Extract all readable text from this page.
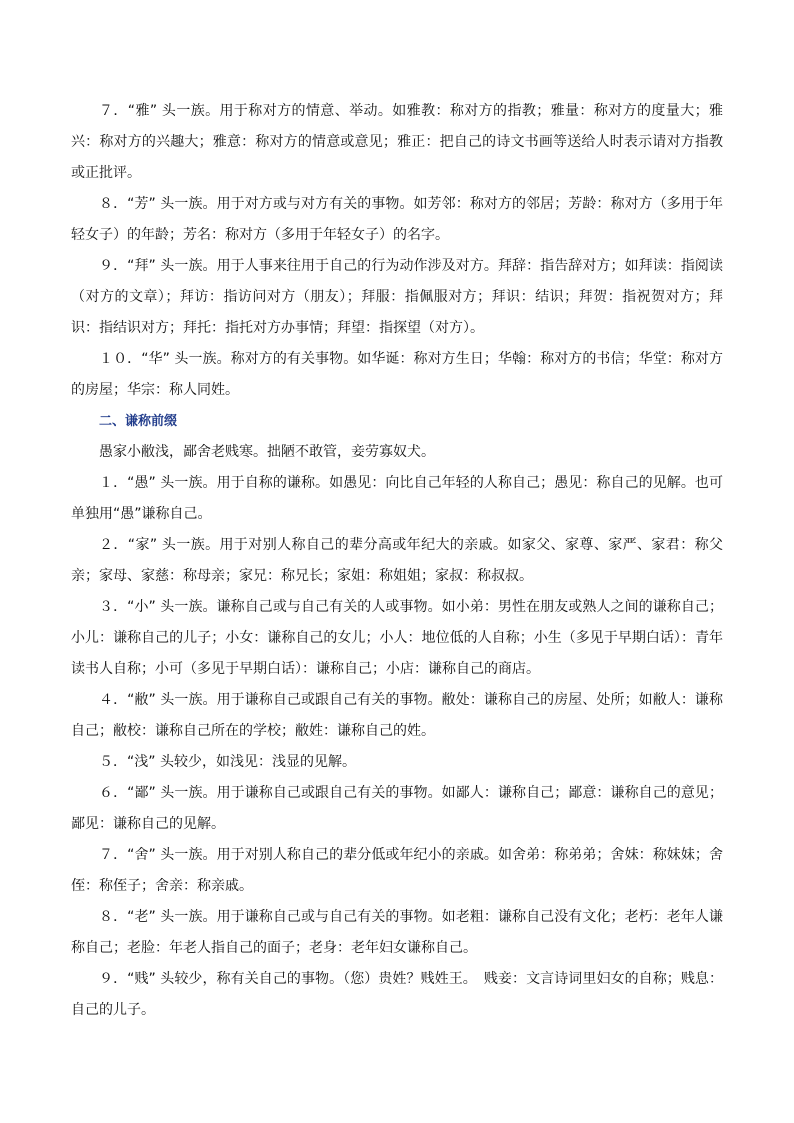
７．“雅” 头一族。用于称对方的情意、举动。如雅教：称对方的指教；雅量：称对方的度量大；雅兴：称对方的兴趣大；雅意：称对方的情意或意见；雅正：把自己的诗文书画等送给人时表示请对方指教或正批评。

８．“芳” 头一族。用于对方或与对方有关的事物。如芳邻：称对方的邻居；芳龄：称对方（多用于年轻女子）的年龄；芳名：称对方（多用于年轻女子）的名字。

９．“拜” 头一族。用于人事来往用于自己的行为动作涉及对方。拜辞：指告辞对方；如拜读：指阅读（对方的文章）；拜访：指访问对方（朋友）；拜服：指佩服对方；拜识：结识；拜贺：指祝贺对方；拜识：指结识对方；拜托：指托对方办事情；拜望：指探望（对方）。

１０．“华” 头一族。称对方的有关事物。如华诞：称对方生日；华翰：称对方的书信；华堂：称对方的房屋；华宗：称人同姓。

二、谦称前缀

愚家小敝浅，鄙舍老贱寒。拙陋不敢管，妾劳寡奴犬。

１．“愚” 头一族。用于自称的谦称。如愚见：向比自己年轻的人称自己；愚见：称自己的见解。也可单独用“愚”谦称自己。

２．“家” 头一族。用于对别人称自己的辈分高或年纪大的亲戚。如家父、家尊、家严、家君：称父亲；家母、家慈：称母亲；家兄：称兄长；家姐：称姐姐；家叔：称叔叔。

３．“小” 头一族。谦称自己或与自己有关的人或事物。如小弟：男性在朋友或熟人之间的谦称自己；小儿：谦称自己的儿子；小女：谦称自己的女儿；小人：地位低的人自称；小生（多见于早期白话）：青年读书人自称；小可（多见于早期白话）：谦称自己；小店：谦称自己的商店。

４．“敝” 头一族。用于谦称自己或跟自己有关的事物。敝处：谦称自己的房屋、处所；如敝人：谦称自己；敝校：谦称自己所在的学校；敝姓：谦称自己的姓。

５．“浅” 头较少，如浅见：浅显的见解。

６．“鄙” 头一族。用于谦称自己或跟自己有关的事物。如鄙人：谦称自己；鄙意：谦称自己的意见；鄙见：谦称自己的见解。

７．“舍” 头一族。用于对别人称自己的辈分低或年纪小的亲戚。如舍弟：称弟弟；舍妹：称妹妹；舍侄：称侄子；舍亲：称亲戚。

８．“老” 头一族。用于谦称自己或与自己有关的事物。如老粗：谦称自己没有文化；老朽：老年人谦称自己；老脸：年老人指自己的面子；老身：老年妇女谦称自己。

９．“贱” 头较少，称有关自己的事物。（您）贵姓？贱姓王。　贱妾：文言诗词里妇女的自称；贱息：自己的儿子。
